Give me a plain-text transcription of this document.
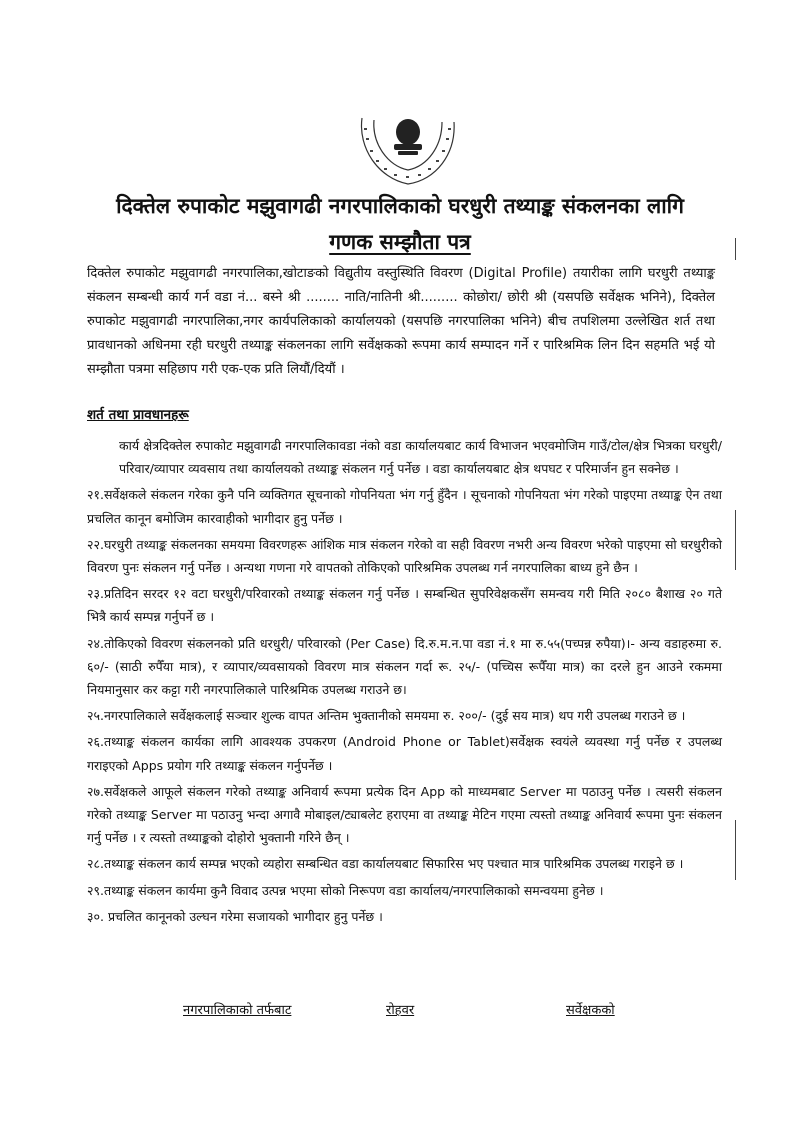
दिक्तेल रुपाकोट मझुवागढी नगरपालिकाको घरधुरी तथ्याङ्क संकलनका लागि
गणक सम्झौता पत्र

दिक्तेल रुपाकोट मझुवागढी नगरपालिका,खोटाङको विद्युतीय वस्तुस्थिति विवरण (Digital Profile) तयारीका लागि घरधुरी तथ्याङ्क संकलन सम्बन्धी कार्य गर्न वडा नं... बस्ने श्री ........ नाति/नातिनी श्री......... कोछोरा/ छोरी श्री (यसपछि सर्वेक्षक भनिने), दिक्तेल रुपाकोट मझुवागढी नगरपालिका,नगर कार्यपलिकाको कार्यालयको (यसपछि नगरपालिका भनिने) बीच तपशिलमा उल्लेखित शर्त तथा प्रावधानको अधिनमा रही घरधुरी तथ्याङ्क संकलनका लागि सर्वेक्षकको रूपमा कार्य सम्पादन गर्ने र पारिश्रमिक लिन दिन सहमति भई यो सम्झौता पत्रमा सहिछाप गरी एक-एक प्रति लियौं/दियौं ।

शर्त तथा प्रावधानहरू

कार्य क्षेत्रदिक्तेल रुपाकोट मझुवागढी नगरपालिकावडा नंको वडा कार्यालयबाट कार्य विभाजन भएवमोजिम गाउँ/टोल/क्षेत्र भित्रका घरधुरी/परिवार/व्यापार व्यवसाय तथा कार्यालयको तथ्याङ्क संकलन गर्नु पर्नेछ । वडा कार्यालयबाट क्षेत्र थपघट र परिमार्जन हुन सक्नेछ ।

२१.सर्वेक्षकले संकलन गरेका कुनै पनि व्यक्तिगत सूचनाको गोपनियता भंग गर्नु हुँदैन । सूचनाको गोपनियता भंग गरेको पाइएमा तथ्याङ्क ऐन तथा प्रचलित कानून बमोजिम कारवाहीको भागीदार हुनु पर्नेछ ।

२२.घरधुरी तथ्याङ्क संकलनका समयमा विवरणहरू आंशिक मात्र संकलन गरेको वा सही विवरण नभरी अन्य विवरण भरेको पाइएमा सो घरधुरीको विवरण पुनः संकलन गर्नु पर्नेछ । अन्यथा गणना गरे वापतको तोकिएको पारिश्रमिक उपलब्ध गर्न नगरपालिका बाध्य हुने छैन ।

२३.प्रतिदिन सरदर १२ वटा घरधुरी/परिवारको तथ्याङ्क संकलन गर्नु पर्नेछ । सम्बन्धित सुपरिवेक्षकसँग समन्वय गरी मिति २०८० बैशाख २० गते भित्रै कार्य सम्पन्न गर्नुपर्ने छ ।

२४.तोकिएको विवरण संकलनको प्रति धरधुरी/ परिवारको (Per Case) दि.रु.म.न.पा वडा नं.१ मा रु.५५(पच्पन्न रुपैया)।- अन्य वडाहरुमा रु. ६०/- (साठी रुपैँया मात्र), र व्यापार/व्यवसायको विवरण मात्र संकलन गर्दा रू. २५/- (पच्चिस रूपैँया मात्र) का दरले हुन आउने रकममा नियमानुसार कर कट्टा गरी नगरपालिकाले पारिश्रमिक उपलब्ध गराउने छ।

२५.नगरपालिकाले सर्वेक्षकलाई सञ्चार शुल्क वापत अन्तिम भुक्तानीको समयमा रु. २००/- (दुई सय मात्र) थप गरी उपलब्ध गराउने छ ।

२६.तथ्याङ्क संकलन कार्यका लागि आवश्यक उपकरण (Android Phone or Tablet)सर्वेक्षक स्वयंले व्यवस्था गर्नु पर्नेछ र उपलब्ध गराइएको Apps प्रयोग गरि तथ्याङ्क संकलन गर्नुपर्नेछ ।

२७.सर्वेक्षकले आफूले संकलन गरेको तथ्याङ्क अनिवार्य रूपमा प्रत्येक दिन App को माध्यमबाट Server मा पठाउनु पर्नेछ । त्यसरी संकलन गरेको तथ्याङ्क Server मा पठाउनु भन्दा अगावै मोबाइल/ट्याबलेट हराएमा वा तथ्याङ्क मेटिन गएमा त्यस्तो तथ्याङ्क अनिवार्य रूपमा पुनः संकलन गर्नु पर्नेछ । र त्यस्तो तथ्याङ्कको दोहोरो भुक्तानी गरिने छैन् ।

२८.तथ्याङ्क संकलन कार्य सम्पन्न भएको व्यहोरा सम्बन्धित वडा कार्यालयबाट सिफारिस भए पश्चात मात्र पारिश्रमिक उपलब्ध गराइने छ ।

२९.तथ्याङ्क संकलन कार्यमा कुनै विवाद उत्पन्न भएमा सोको निरूपण वडा कार्यालय/नगरपालिकाको समन्वयमा हुनेछ ।

३०. प्रचलित कानूनको उल्घन गरेमा सजायको भागीदार हुनु पर्नेछ ।

नगरपालिकाको तर्फबाट	रोहवर	सर्वेक्षकको
